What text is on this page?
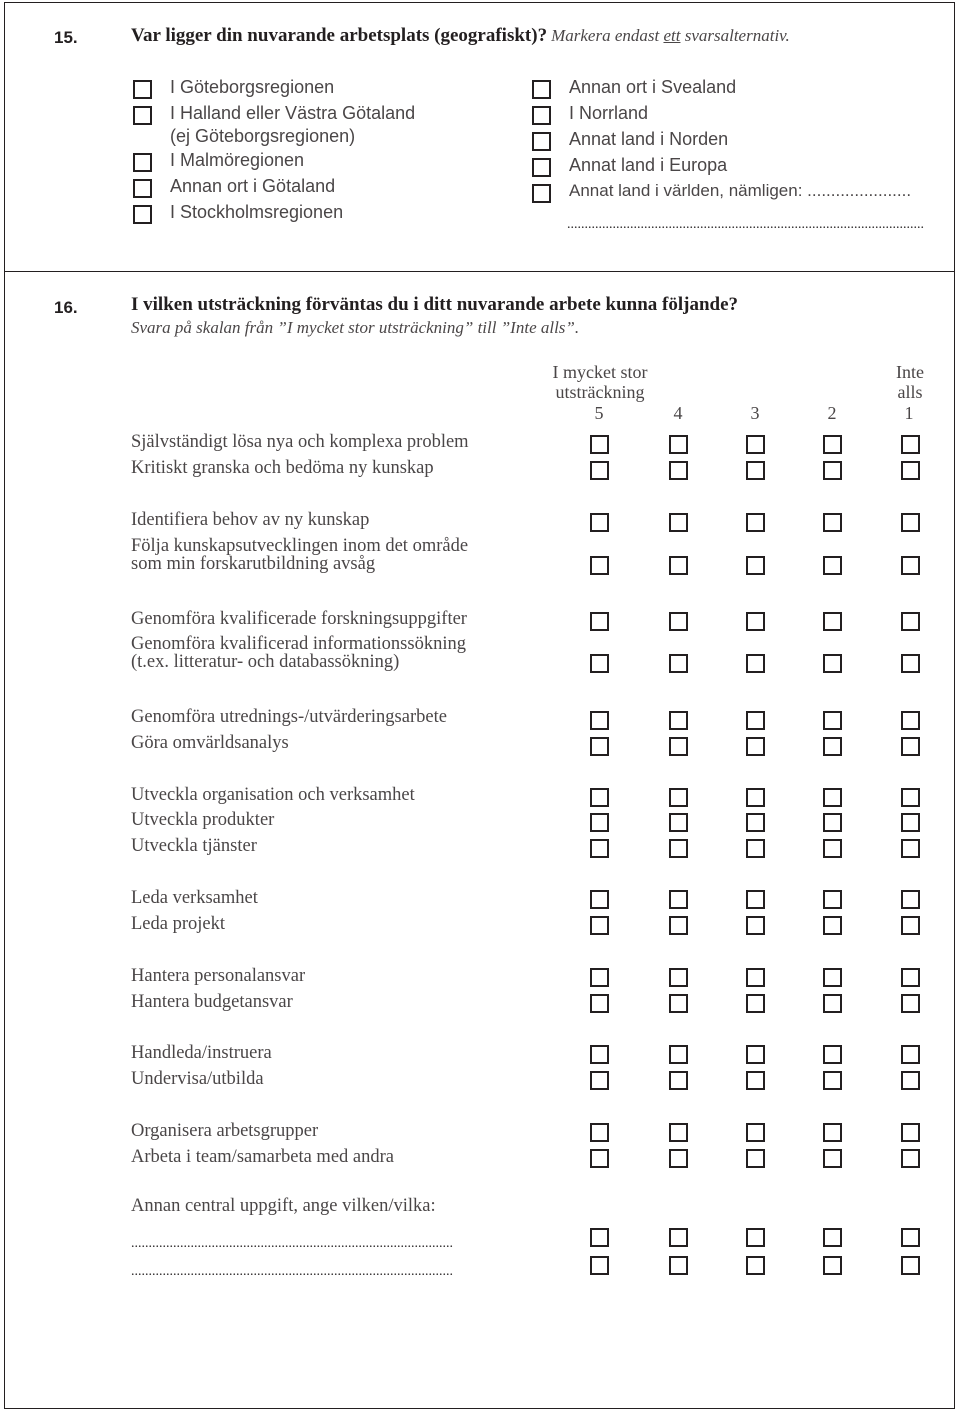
15.	Var ligger din nuvarande arbetsplats (geografiskt)? Markera endast ett svarsalternativ.
I Göteborgsregionen
I Halland eller Västra Götaland
(ej Göteborgsregionen)
I Malmöregionen
Annan ort i Götaland
I Stockholmsregionen
Annan ort i Svealand
I Norrland
Annat land i Norden
Annat land i Europa
Annat land i världen, nämligen: ......................
......................................................................................................
16.	I vilken utsträckning förväntas du i ditt nuvarande arbete kunna följande?
Svara på skalan från ”I mycket stor utsträckning” till ”Inte alls”.
I mycket stor
utsträckning
Inte
alls
5	4	3	2	1
Självständigt lösa nya och komplexa problem
Kritiskt granska och bedöma ny kunskap
Identifiera behov av ny kunskap
Följa kunskapsutvecklingen inom det område
som min forskarutbildning avsåg
Genomföra kvalificerade forskningsuppgifter
Genomföra kvalificerad informationssökning
(t.ex. litteratur- och databassökning)
Genomföra utrednings-/utvärderingsarbete
Göra omvärldsanalys
Utveckla organisation och verksamhet
Utveckla produkter
Utveckla tjänster
Leda verksamhet
Leda projekt
Hantera personalansvar
Hantera budgetansvar
Handleda/instruera
Undervisa/utbilda
Organisera arbetsgrupper
Arbeta i team/samarbeta med andra
Annan central uppgift, ange vilken/vilka:
............................................................................................
............................................................................................
